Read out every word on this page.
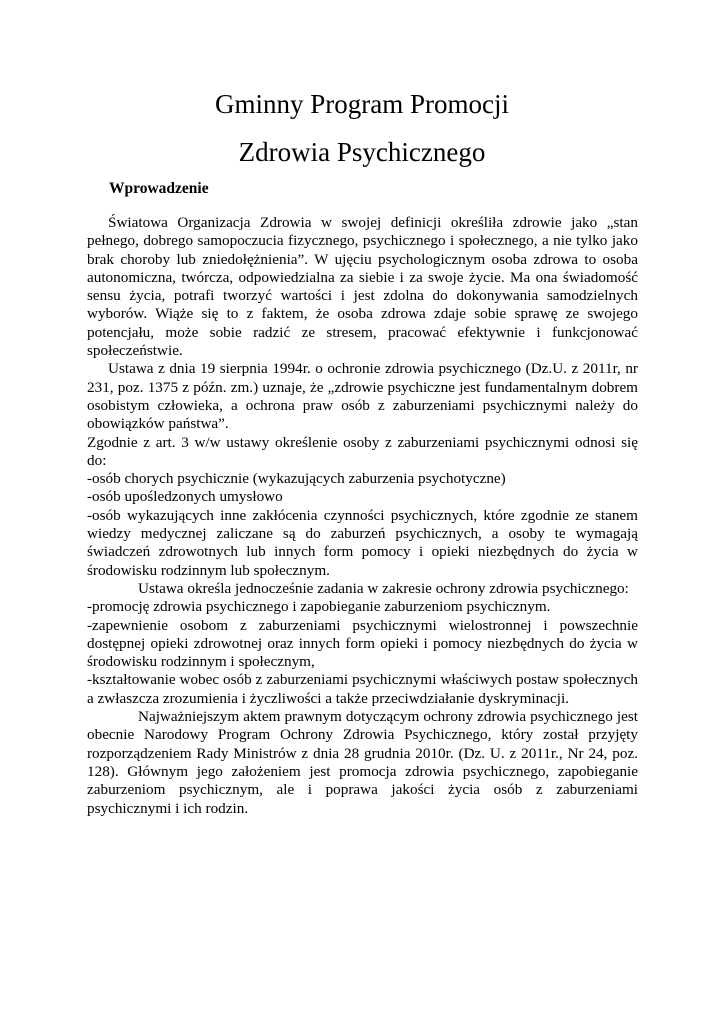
Gminny Program Promocji
Zdrowia Psychicznego
Wprowadzenie

Światowa Organizacja Zdrowia w swojej definicji określiła zdrowie jako „stan pełnego, dobrego samopoczucia fizycznego, psychicznego i społecznego, a nie tylko jako brak choroby lub zniedołężnienia”. W ujęciu psychologicznym osoba zdrowa to osoba autonomiczna, twórcza, odpowiedzialna za siebie i za swoje życie. Ma ona świadomość sensu życia, potrafi tworzyć wartości i jest zdolna do dokonywania samodzielnych wyborów. Wiąże się to z faktem, że osoba zdrowa zdaje sobie sprawę ze swojego potencjału, może sobie radzić ze stresem, pracować efektywnie i funkcjonować społeczeństwie.

Ustawa z dnia 19 sierpnia 1994r. o ochronie zdrowia psychicznego (Dz.U. z 2011r, nr 231, poz. 1375 z późn. zm.) uznaje, że „zdrowie psychiczne jest fundamentalnym dobrem osobistym człowieka, a ochrona praw osób z zaburzeniami psychicznymi należy do obowiązków państwa”.

Zgodnie z art. 3 w/w ustawy określenie osoby z zaburzeniami psychicznymi odnosi się do:

-osób chorych psychicznie (wykazujących zaburzenia psychotyczne)

-osób upośledzonych umysłowo

-osób wykazujących inne zakłócenia czynności psychicznych, które zgodnie ze stanem wiedzy medycznej zaliczane są do zaburzeń psychicznych, a osoby te wymagają świadczeń zdrowotnych lub innych form pomocy i opieki niezbędnych do życia w środowisku rodzinnym lub społecznym.

Ustawa określa jednocześnie zadania w zakresie ochrony zdrowia psychicznego:

-promocję zdrowia psychicznego i zapobieganie zaburzeniom psychicznym.

-zapewnienie osobom z zaburzeniami psychicznymi wielostronnej i powszechnie dostępnej opieki zdrowotnej oraz innych form opieki i pomocy niezbędnych do życia w środowisku rodzinnym i społecznym,

-kształtowanie wobec osób z zaburzeniami psychicznymi właściwych postaw społecznych a zwłaszcza zrozumienia i życzliwości a także przeciwdziałanie dyskryminacji.

Najważniejszym aktem prawnym dotyczącym ochrony zdrowia psychicznego jest obecnie Narodowy Program Ochrony Zdrowia Psychicznego, który został przyjęty rozporządzeniem Rady Ministrów z dnia 28 grudnia 2010r. (Dz. U. z 2011r., Nr 24, poz. 128). Głównym jego założeniem jest promocja zdrowia psychicznego, zapobieganie zaburzeniom psychicznym, ale i poprawa jakości życia osób z zaburzeniami psychicznymi i ich rodzin.
